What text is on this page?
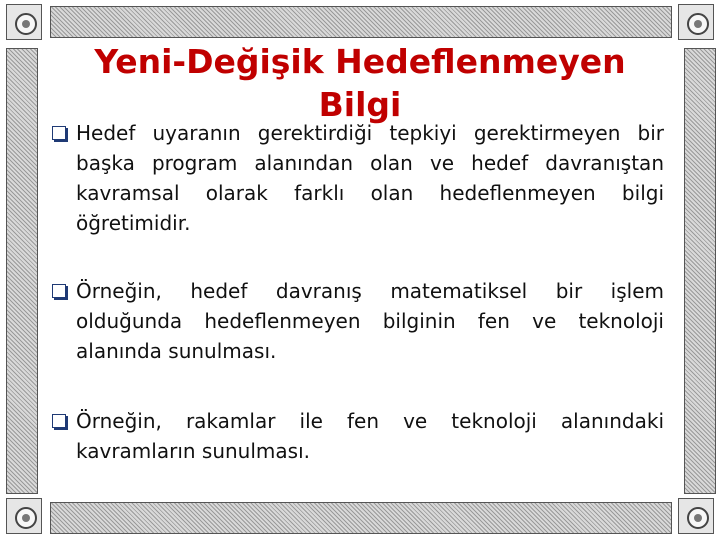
Yeni-Değişik Hedeflenmeyen Bilgi
Hedef uyaranın gerektirdiği tepkiyi gerektirmeyen bir başka program alanından olan ve hedef davranıştan kavramsal olarak farklı olan hedeflenmeyen bilgi öğretimidir.
Örneğin, hedef davranış matematiksel bir işlem olduğunda hedeflenmeyen bilginin fen ve teknoloji alanında sunulması.
Örneğin, rakamlar ile fen ve teknoloji alanındaki kavramların sunulması.
